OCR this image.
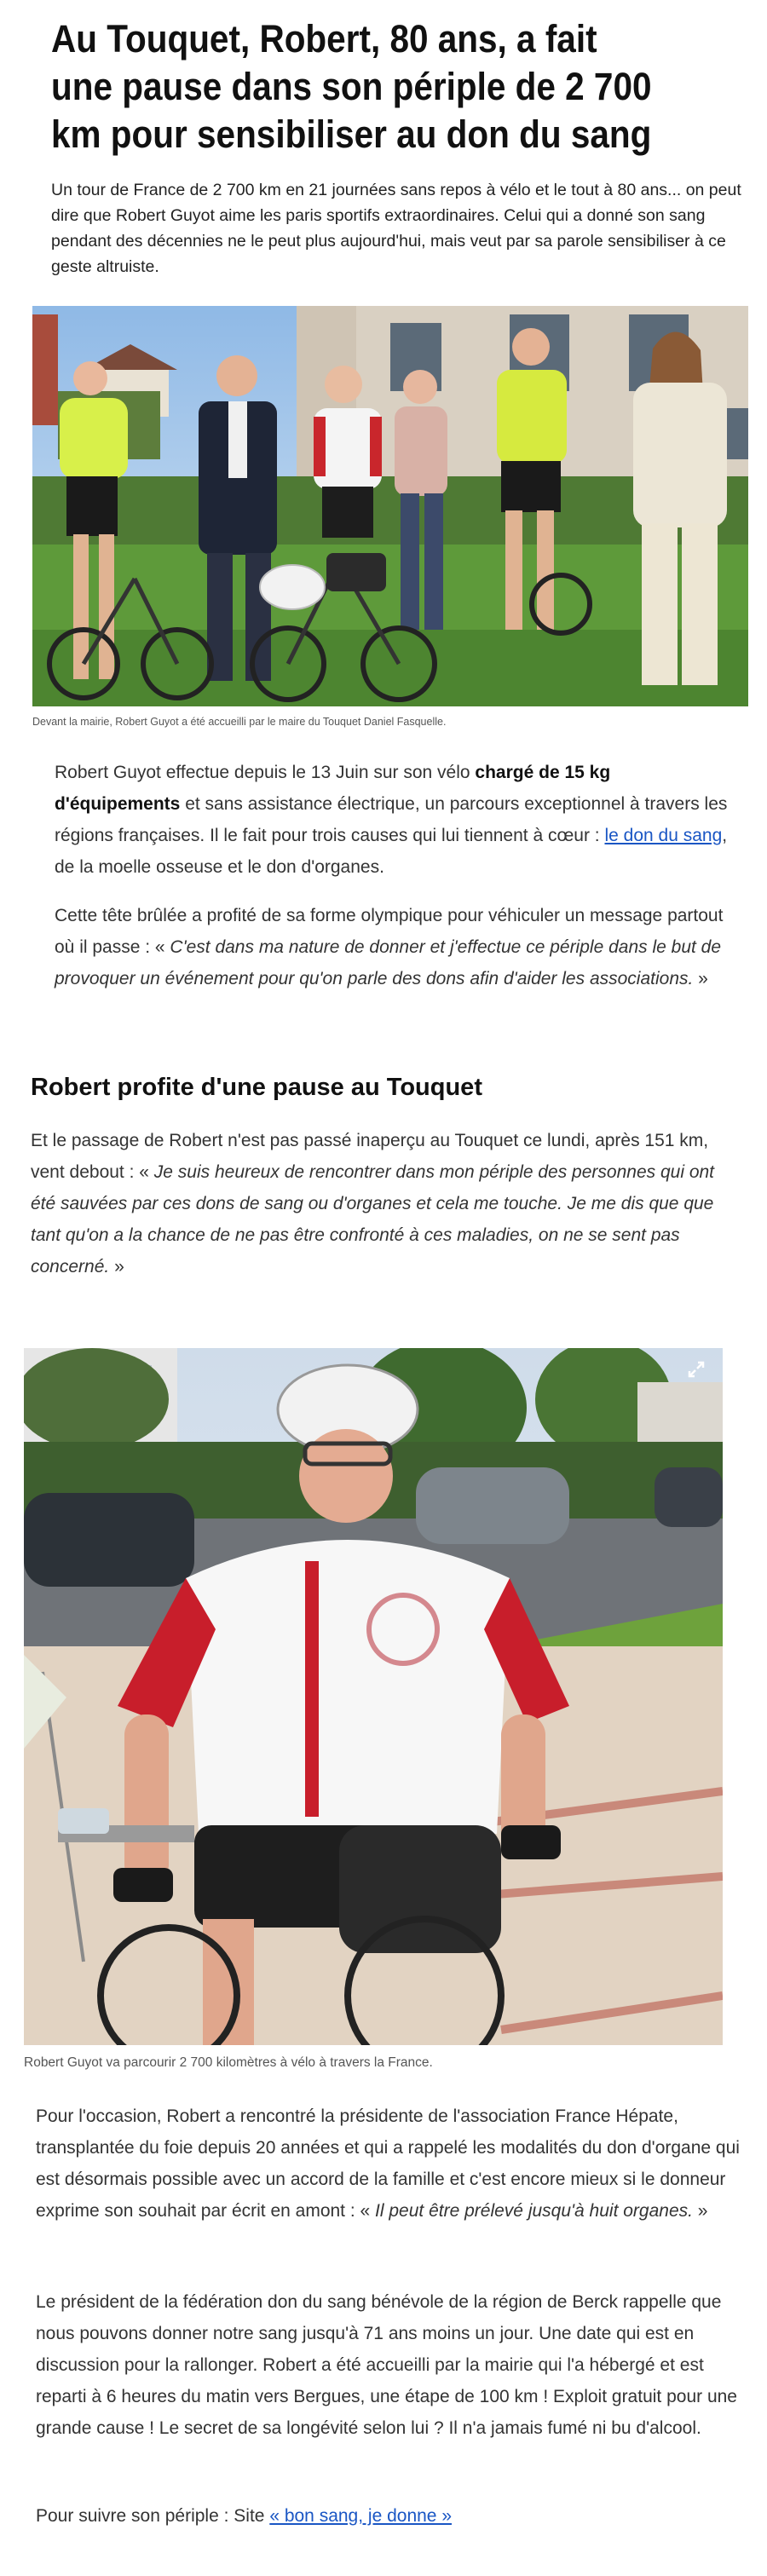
Au Touquet, Robert, 80 ans, a fait une pause dans son périple de 2 700 km pour sensibiliser au don du sang

Un tour de France de 2 700 km en 21 journées sans repos à vélo et le tout à 80 ans... on peut dire que Robert Guyot aime les paris sportifs extraordinaires. Celui qui a donné son sang pendant des décennies ne le peut plus aujourd'hui, mais veut par sa parole sensibiliser à ce geste altruiste.

Devant la mairie, Robert Guyot a été accueilli par le maire du Touquet Daniel Fasquelle.

Robert Guyot effectue depuis le 13 Juin sur son vélo chargé de 15 kg d'équipements et sans assistance électrique, un parcours exceptionnel à travers les régions françaises. Il le fait pour trois causes qui lui tiennent à cœur : le don du sang, de la moelle osseuse et le don d'organes.

Cette tête brûlée a profité de sa forme olympique pour véhiculer un message partout où il passe : « C'est dans ma nature de donner et j'effectue ce périple dans le but de provoquer un événement pour qu'on parle des dons afin d'aider les associations. »

Robert profite d'une pause au Touquet

Et le passage de Robert n'est pas passé inaperçu au Touquet ce lundi, après 151 km, vent debout : « Je suis heureux de rencontrer dans mon périple des personnes qui ont été sauvées par ces dons de sang ou d'organes et cela me touche. Je me dis que que tant qu'on a la chance de ne pas être confronté à ces maladies, on ne se sent pas concerné. »

Robert Guyot va parcourir 2 700 kilomètres à vélo à travers la France.

Pour l'occasion, Robert a rencontré la présidente de l'association France Hépate, transplantée du foie depuis 20 années et qui a rappelé les modalités du don d'organe qui est désormais possible avec un accord de la famille et c'est encore mieux si le donneur exprime son souhait par écrit en amont : « Il peut être prélevé jusqu'à huit organes. »

Le président de la fédération don du sang bénévole de la région de Berck rappelle que nous pouvons donner notre sang jusqu'à 71 ans moins un jour. Une date qui est en discussion pour la rallonger. Robert a été accueilli par la mairie qui l'a hébergé et est reparti à 6 heures du matin vers Bergues, une étape de 100 km ! Exploit gratuit pour une grande cause ! Le secret de sa longévité selon lui ? Il n'a jamais fumé ni bu d'alcool.

Pour suivre son périple : Site « bon sang, je donne »
